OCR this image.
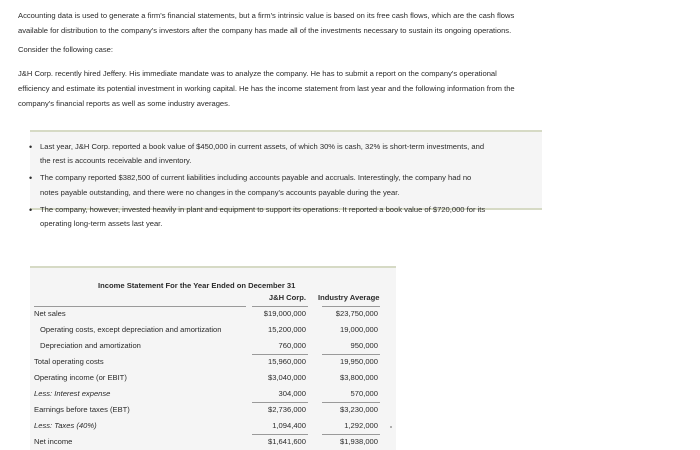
Accounting data is used to generate a firm's financial statements, but a firm's intrinsic value is based on its free cash flows, which are the cash flows
available for distribution to the company's investors after the company has made all of the investments necessary to sustain its ongoing operations.

Consider the following case:

J&H Corp. recently hired Jeffery. His immediate mandate was to analyze the company. He has to submit a report on the company's operational
efficiency and estimate its potential investment in working capital. He has the income statement from last year and the following information from the
company's financial reports as well as some industry averages.

• Last year, J&H Corp. reported a book value of $450,000 in current assets, of which 30% is cash, 32% is short-term investments, and
the rest is accounts receivable and inventory.
• The company reported $382,500 of current liabilities including accounts payable and accruals. Interestingly, the company had no
notes payable outstanding, and there were no changes in the company's accounts payable during the year.
• The company, however, invested heavily in plant and equipment to support its operations. It reported a book value of $720,000 for its
operating long-term assets last year.
Income Statement For the Year Ended on December 31
J&H Corp. Industry Average
Net sales	$19,000,000	$23,750,000
Operating costs, except depreciation and amortization	15,200,000	19,000,000
Depreciation and amortization	760,000	950,000
Total operating costs	15,960,000	19,950,000
Operating income (or EBIT)	$3,040,000	$3,800,000
Less: Interest expense	304,000	570,000
Earnings before taxes (EBT)	$2,736,000	$3,230,000
Less: Taxes (40%)	1,094,400	1,292,000
Net income	$1,641,600	$1,938,000
